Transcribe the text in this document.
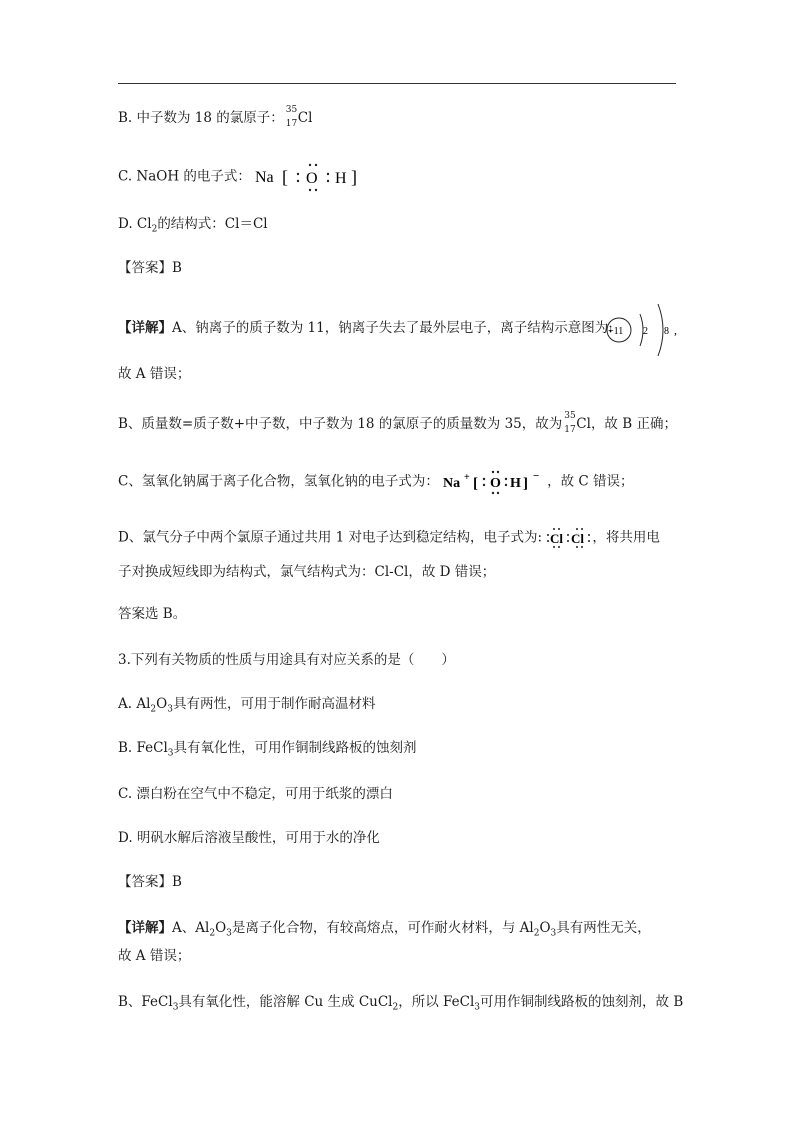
B. 中子数为 18 的氯原子：
35
17 Cl
C. NaOH 的电子式： Na [ O H ]
D. $Cl_2$的结构式：Cl＝Cl
【答案】B
【详解】A、钠离子的质子数为 11，钠离子失去了最外层电子，离子结构示意图为:
+11 2 8 ,
故 A 错误；
B、质量数=质子数+中子数，中子数为 18 的氯原子的质量数为 35，故为
35
17 Cl，故 B 正确；
C、氢氧化钠属于离子化合物，氢氧化钠的电子式为： Na + [ O H ] − ，故 C 错误；
D、氯气分子中两个氯原子通过共用 1 对电子达到稳定结构，电子式为: Cl Cl ，将共用电
子对换成短线即为结构式，氯气结构式为：Cl-Cl，故 D 错误；
答案选 B。
3.下列有关物质的性质与用途具有对应关系的是（　　）
A. $Al_2O_3$具有两性，可用于制作耐高温材料
B. FeCl$_3$具有氧化性，可用作铜制线路板的蚀刻剂
C. 漂白粉在空气中不稳定，可用于纸浆的漂白
D. 明矾水解后溶液呈酸性，可用于水的净化
【答案】B
【详解】A、$Al_2O_3$是离子化合物，有较高熔点，可作耐火材料，与 $Al_2O_3$具有两性无关，
故 A 错误；
B、FeCl$_3$具有氧化性，能溶解 Cu 生成 CuCl$_2$，所以 FeCl$_3$可用作铜制线路板的蚀刻剂，故 B
